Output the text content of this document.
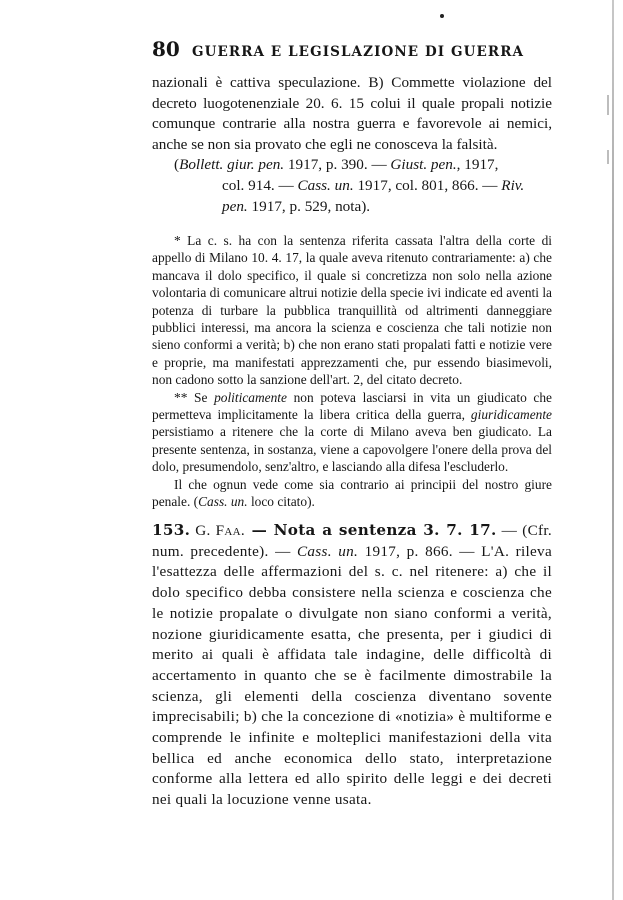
80 GUERRA E LEGISLAZIONE DI GUERRA

nazionali è cattiva speculazione. B) Commette violazione del decreto luogotenenziale 20. 6. 15 colui il quale propali notizie comunque contrarie alla nostra guerra e favorevole ai nemici, anche se non sia provato che egli ne conosceva la falsità.

(Bollett. giur. pen. 1917, p. 390. — Giust. pen., 1917,
col. 914. — Cass. un. 1917, col. 801, 866. — Riv.
pen. 1917, p. 529, nota).

* La c. s. ha con la sentenza riferita cassata l'altra della corte di appello di Milano 10. 4. 17, la quale aveva ritenuto contrariamente: a) che mancava il dolo specifico, il quale si concretizza non solo nella azione volontaria di comunicare altrui notizie della specie ivi indicate ed aventi la potenza di turbare la pubblica tranquillità od altrimenti danneggiare pubblici interessi, ma ancora la scienza e coscienza che tali notizie non sieno conformi a verità; b) che non erano stati propalati fatti e notizie vere e proprie, ma manifestati apprezzamenti che, pur essendo biasimevoli, non cadono sotto la sanzione dell'art. 2, del citato decreto.

** Se politicamente non poteva lasciarsi in vita un giudicato che permetteva implicitamente la libera critica della guerra, giuridicamente persistiamo a ritenere che la corte di Milano aveva ben giudicato. La presente sentenza, in sostanza, viene a capovolgere l'onere della prova del dolo, presumendolo, senz'altro, e lasciando alla difesa l'escluderlo.

Il che ognun vede come sia contrario ai principii del nostro giure penale. (Cass. un. loco citato).

153. G. Faa. — Nota a sentenza 3. 7. 17. — (Cfr. num. precedente). — Cass. un. 1917, p. 866. — L'A. rileva l'esattezza delle affermazioni del s. c. nel ritenere: a) che il dolo specifico debba consistere nella scienza e coscienza che le notizie propalate o divulgate non siano conformi a verità, nozione giuridicamente esatta, che presenta, per i giudici di merito ai quali è affidata tale indagine, delle difficoltà di accertamento in quanto che se è facilmente dimostrabile la scienza, gli elementi della coscienza diventano sovente imprecisabili; b) che la concezione di «notizia» è multiforme e comprende le infinite e molteplici manifestazioni della vita bellica ed anche economica dello stato, interpretazione conforme alla lettera ed allo spirito delle leggi e dei decreti nei quali la locuzione venne usata.
